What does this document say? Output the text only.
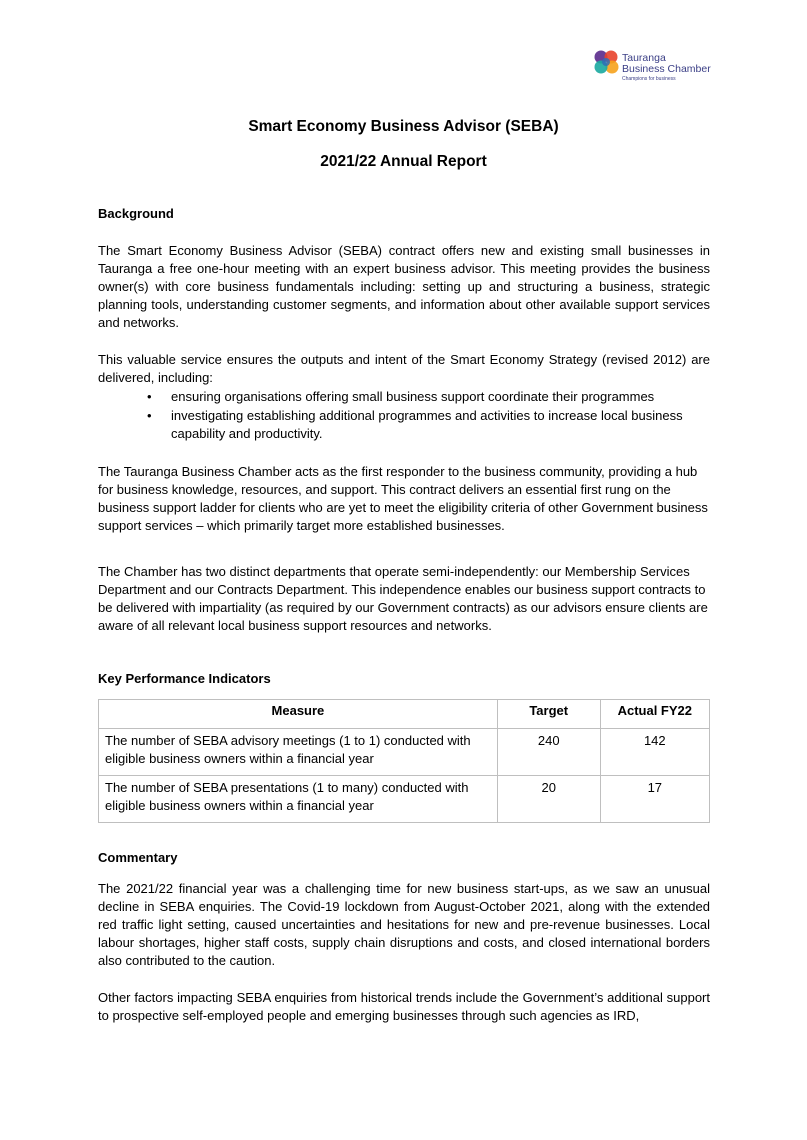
Tauranga
Business Chamber
Champions for business
Smart Economy Business Advisor (SEBA)
2021/22 Annual Report
Background

The Smart Economy Business Advisor (SEBA) contract offers new and existing small businesses in Tauranga a free one-hour meeting with an expert business advisor. This meeting provides the business owner(s) with core business fundamentals including: setting up and structuring a business, strategic planning tools, understanding customer segments, and information about other available support services and networks.

This valuable service ensures the outputs and intent of the Smart Economy Strategy (revised 2012) are delivered, including:

• ensuring organisations offering small business support coordinate their programmes
• investigating establishing additional programmes and activities to increase local business capability and productivity.

The Tauranga Business Chamber acts as the first responder to the business community, providing a hub for business knowledge, resources, and support. This contract delivers an essential first rung on the business support ladder for clients who are yet to meet the eligibility criteria of other Government business support services – which primarily target more established businesses.

The Chamber has two distinct departments that operate semi-independently: our Membership Services Department and our Contracts Department. This independence enables our business support contracts to be delivered with impartiality (as required by our Government contracts) as our advisors ensure clients are aware of all relevant local business support resources and networks.

Key Performance Indicators
Measure	Target	Actual FY22
The number of SEBA advisory meetings (1 to 1) conducted with eligible business owners within a financial year	240	142
The number of SEBA presentations (1 to many) conducted with eligible business owners within a financial year	20	17
Commentary

The 2021/22 financial year was a challenging time for new business start-ups, as we saw an unusual decline in SEBA enquiries. The Covid-19 lockdown from August-October 2021, along with the extended red traffic light setting, caused uncertainties and hesitations for new and pre-revenue businesses. Local labour shortages, higher staff costs, supply chain disruptions and costs, and closed international borders also contributed to the caution.

Other factors impacting SEBA enquiries from historical trends include the Government’s additional support to prospective self-employed people and emerging businesses through such agencies as IRD,
